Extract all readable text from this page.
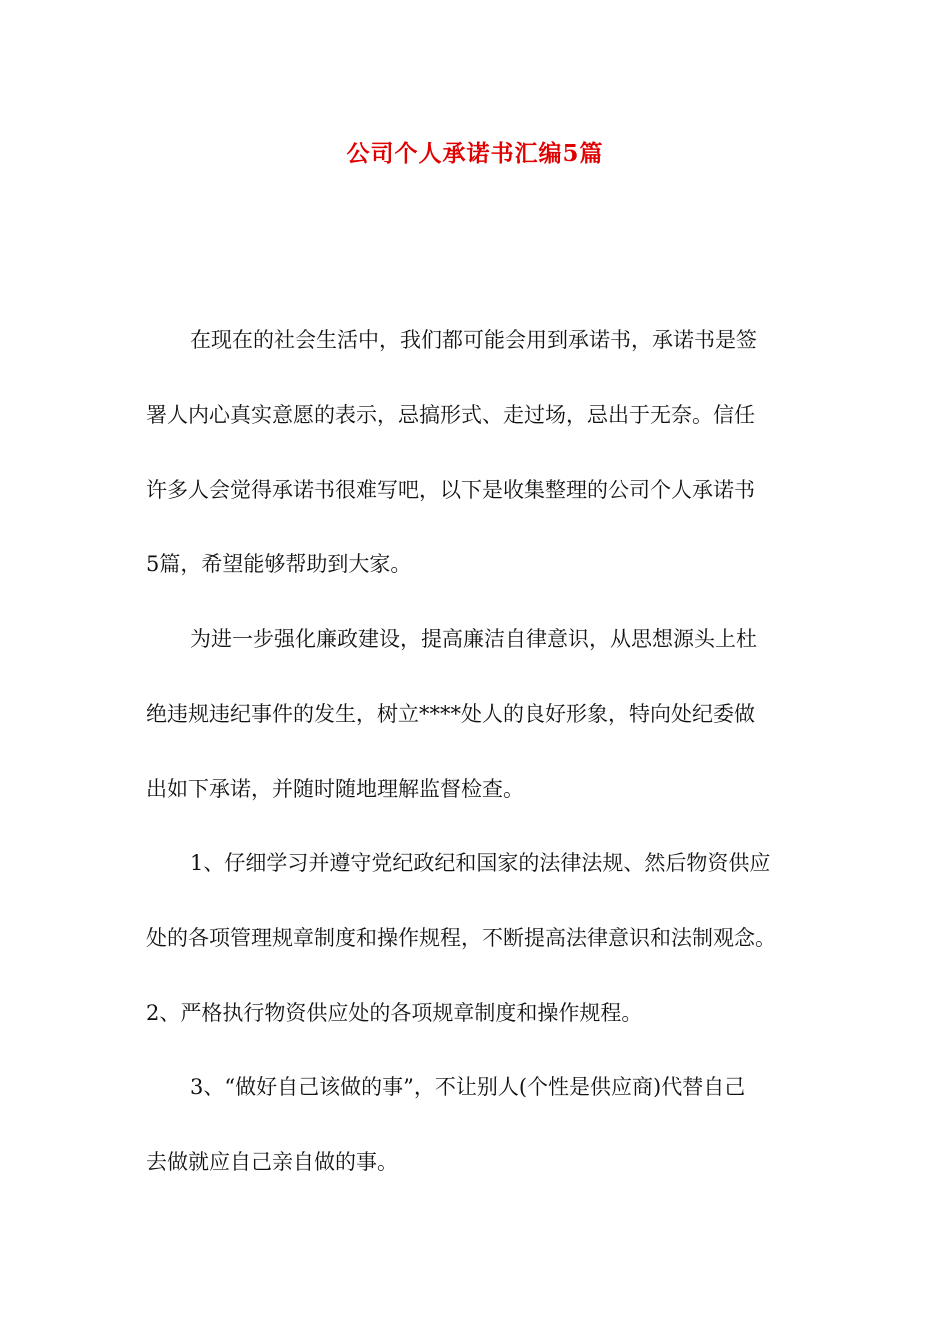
公司个人承诺书汇编5篇
在现在的社会生活中，我们都可能会用到承诺书，承诺书是签
署人内心真实意愿的表示，忌搞形式、走过场，忌出于无奈。信任
许多人会觉得承诺书很难写吧，以下是收集整理的公司个人承诺书
5篇，希望能够帮助到大家。
为进一步强化廉政建设，提高廉洁自律意识，从思想源头上杜
绝违规违纪事件的发生，树立****处人的良好形象，特向处纪委做
出如下承诺，并随时随地理解监督检查。
1、仔细学习并遵守党纪政纪和国家的法律法规、然后物资供应
处的各项管理规章制度和操作规程，不断提高法律意识和法制观念。
2、严格执行物资供应处的各项规章制度和操作规程。
3、“做好自己该做的事”，不让别人(个性是供应商)代替自己
去做就应自己亲自做的事。
